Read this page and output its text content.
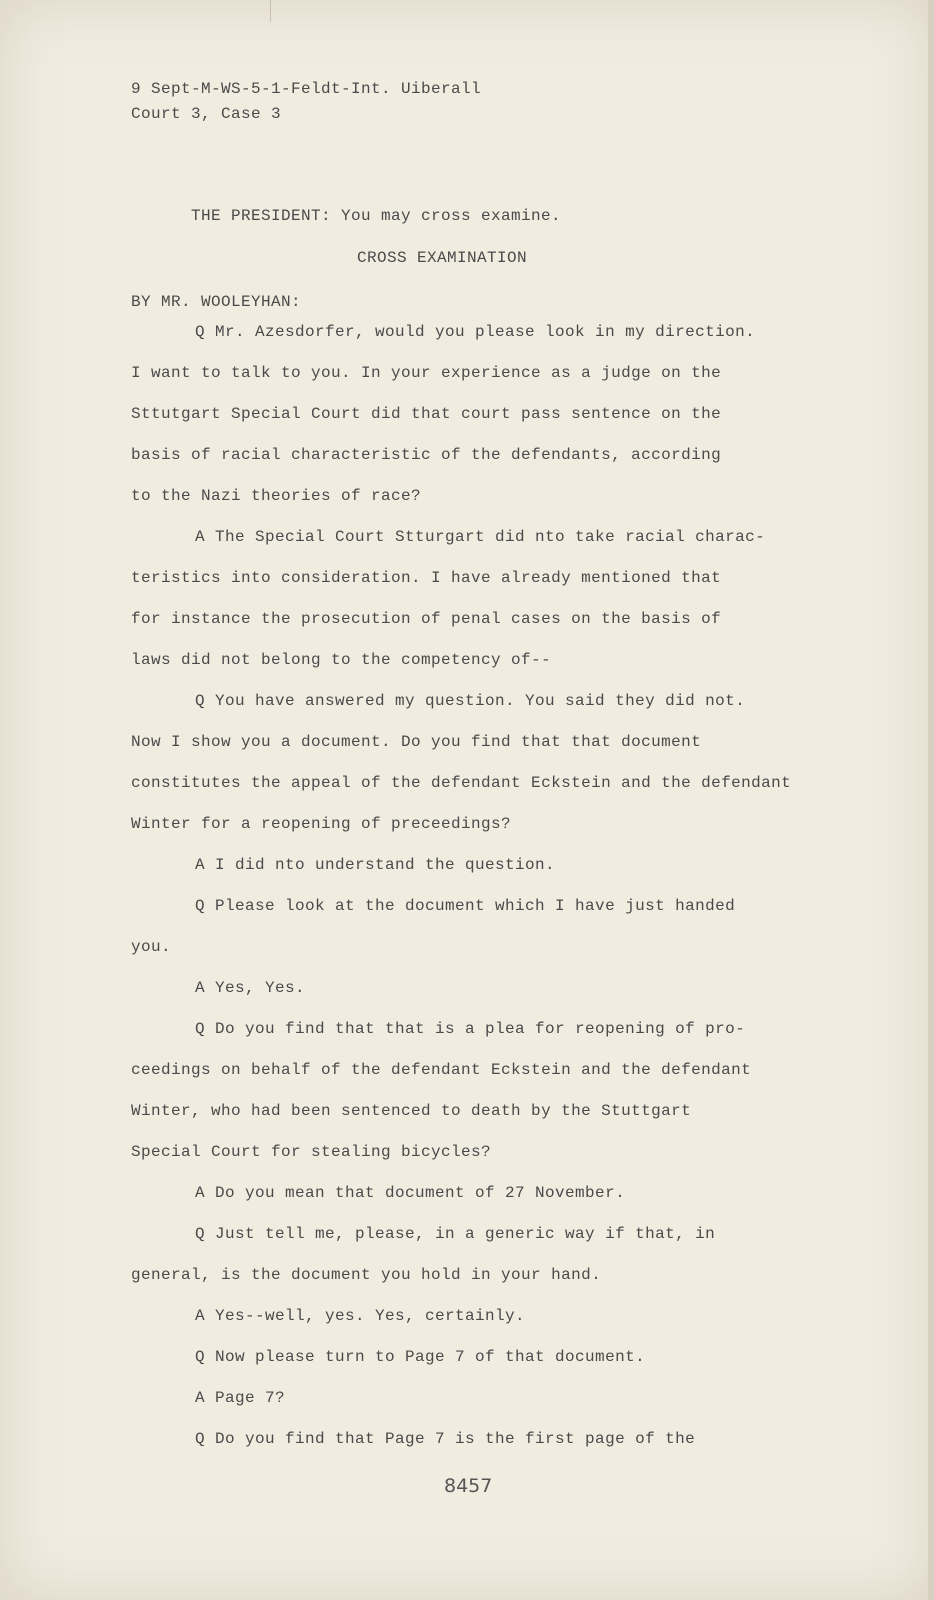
9 Sept-M-WS-5-1-Feldt-Int. Uiberall
Court 3, Case 3
THE PRESIDENT: You may cross examine.
CROSS EXAMINATION
BY MR. WOOLEYHAN:
Q Mr. Azesdorfer, would you please look in my direction.
I want to talk to you. In your experience as a judge on the
Sttutgart Special Court did that court pass sentence on the
basis of racial characteristic of the defendants, according
to the Nazi theories of race?
A The Special Court Stturgart did nto take racial charac-
teristics into consideration. I have already mentioned that
for instance the prosecution of penal cases on the basis of
laws did not belong to the competency of--
Q You have answered my question. You said they did not.
Now I show you a document. Do you find that that document
constitutes the appeal of the defendant Eckstein and the defendant
Winter for a reopening of preceedings?
A I did nto understand the question.
Q Please look at the document which I have just handed
you.
A Yes, Yes.
Q Do you find that that is a plea for reopening of pro-
ceedings on behalf of the defendant Eckstein and the defendant
Winter, who had been sentenced to death by the Stuttgart
Special Court for stealing bicycles?
A Do you mean that document of 27 November.
Q Just tell me, please, in a generic way if that, in
general, is the document you hold in your hand.
A Yes--well, yes. Yes, certainly.
Q Now please turn to Page 7 of that document.
A Page 7?
Q Do you find that Page 7 is the first page of the
8457
